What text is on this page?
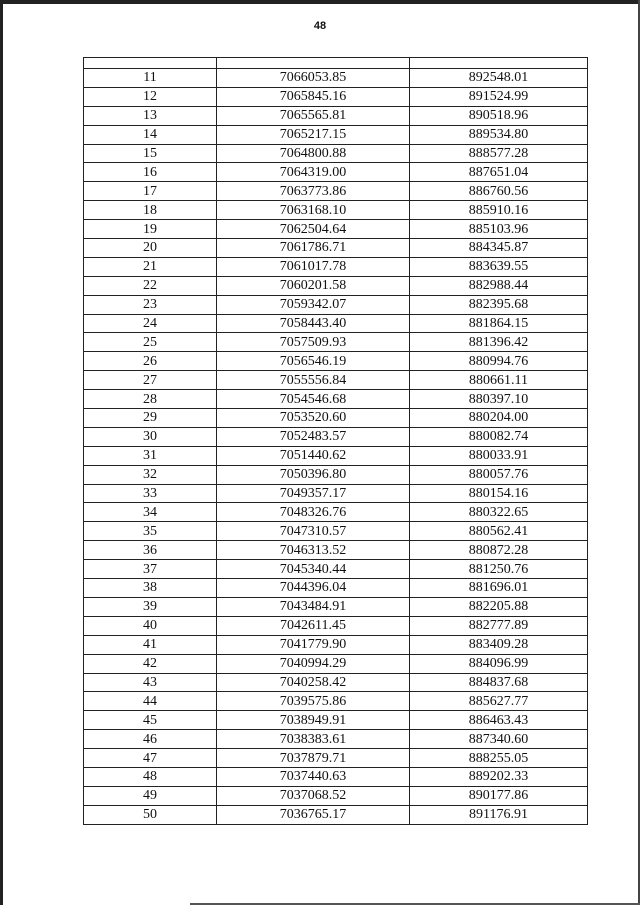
48

11	7066053.85	892548.01
12	7065845.16	891524.99
13	7065565.81	890518.96
14	7065217.15	889534.80
15	7064800.88	888577.28
16	7064319.00	887651.04
17	7063773.86	886760.56
18	7063168.10	885910.16
19	7062504.64	885103.96
20	7061786.71	884345.87
21	7061017.78	883639.55
22	7060201.58	882988.44
23	7059342.07	882395.68
24	7058443.40	881864.15
25	7057509.93	881396.42
26	7056546.19	880994.76
27	7055556.84	880661.11
28	7054546.68	880397.10
29	7053520.60	880204.00
30	7052483.57	880082.74
31	7051440.62	880033.91
32	7050396.80	880057.76
33	7049357.17	880154.16
34	7048326.76	880322.65
35	7047310.57	880562.41
36	7046313.52	880872.28
37	7045340.44	881250.76
38	7044396.04	881696.01
39	7043484.91	882205.88
40	7042611.45	882777.89
41	7041779.90	883409.28
42	7040994.29	884096.99
43	7040258.42	884837.68
44	7039575.86	885627.77
45	7038949.91	886463.43
46	7038383.61	887340.60
47	7037879.71	888255.05
48	7037440.63	889202.33
49	7037068.52	890177.86
50	7036765.17	891176.91
